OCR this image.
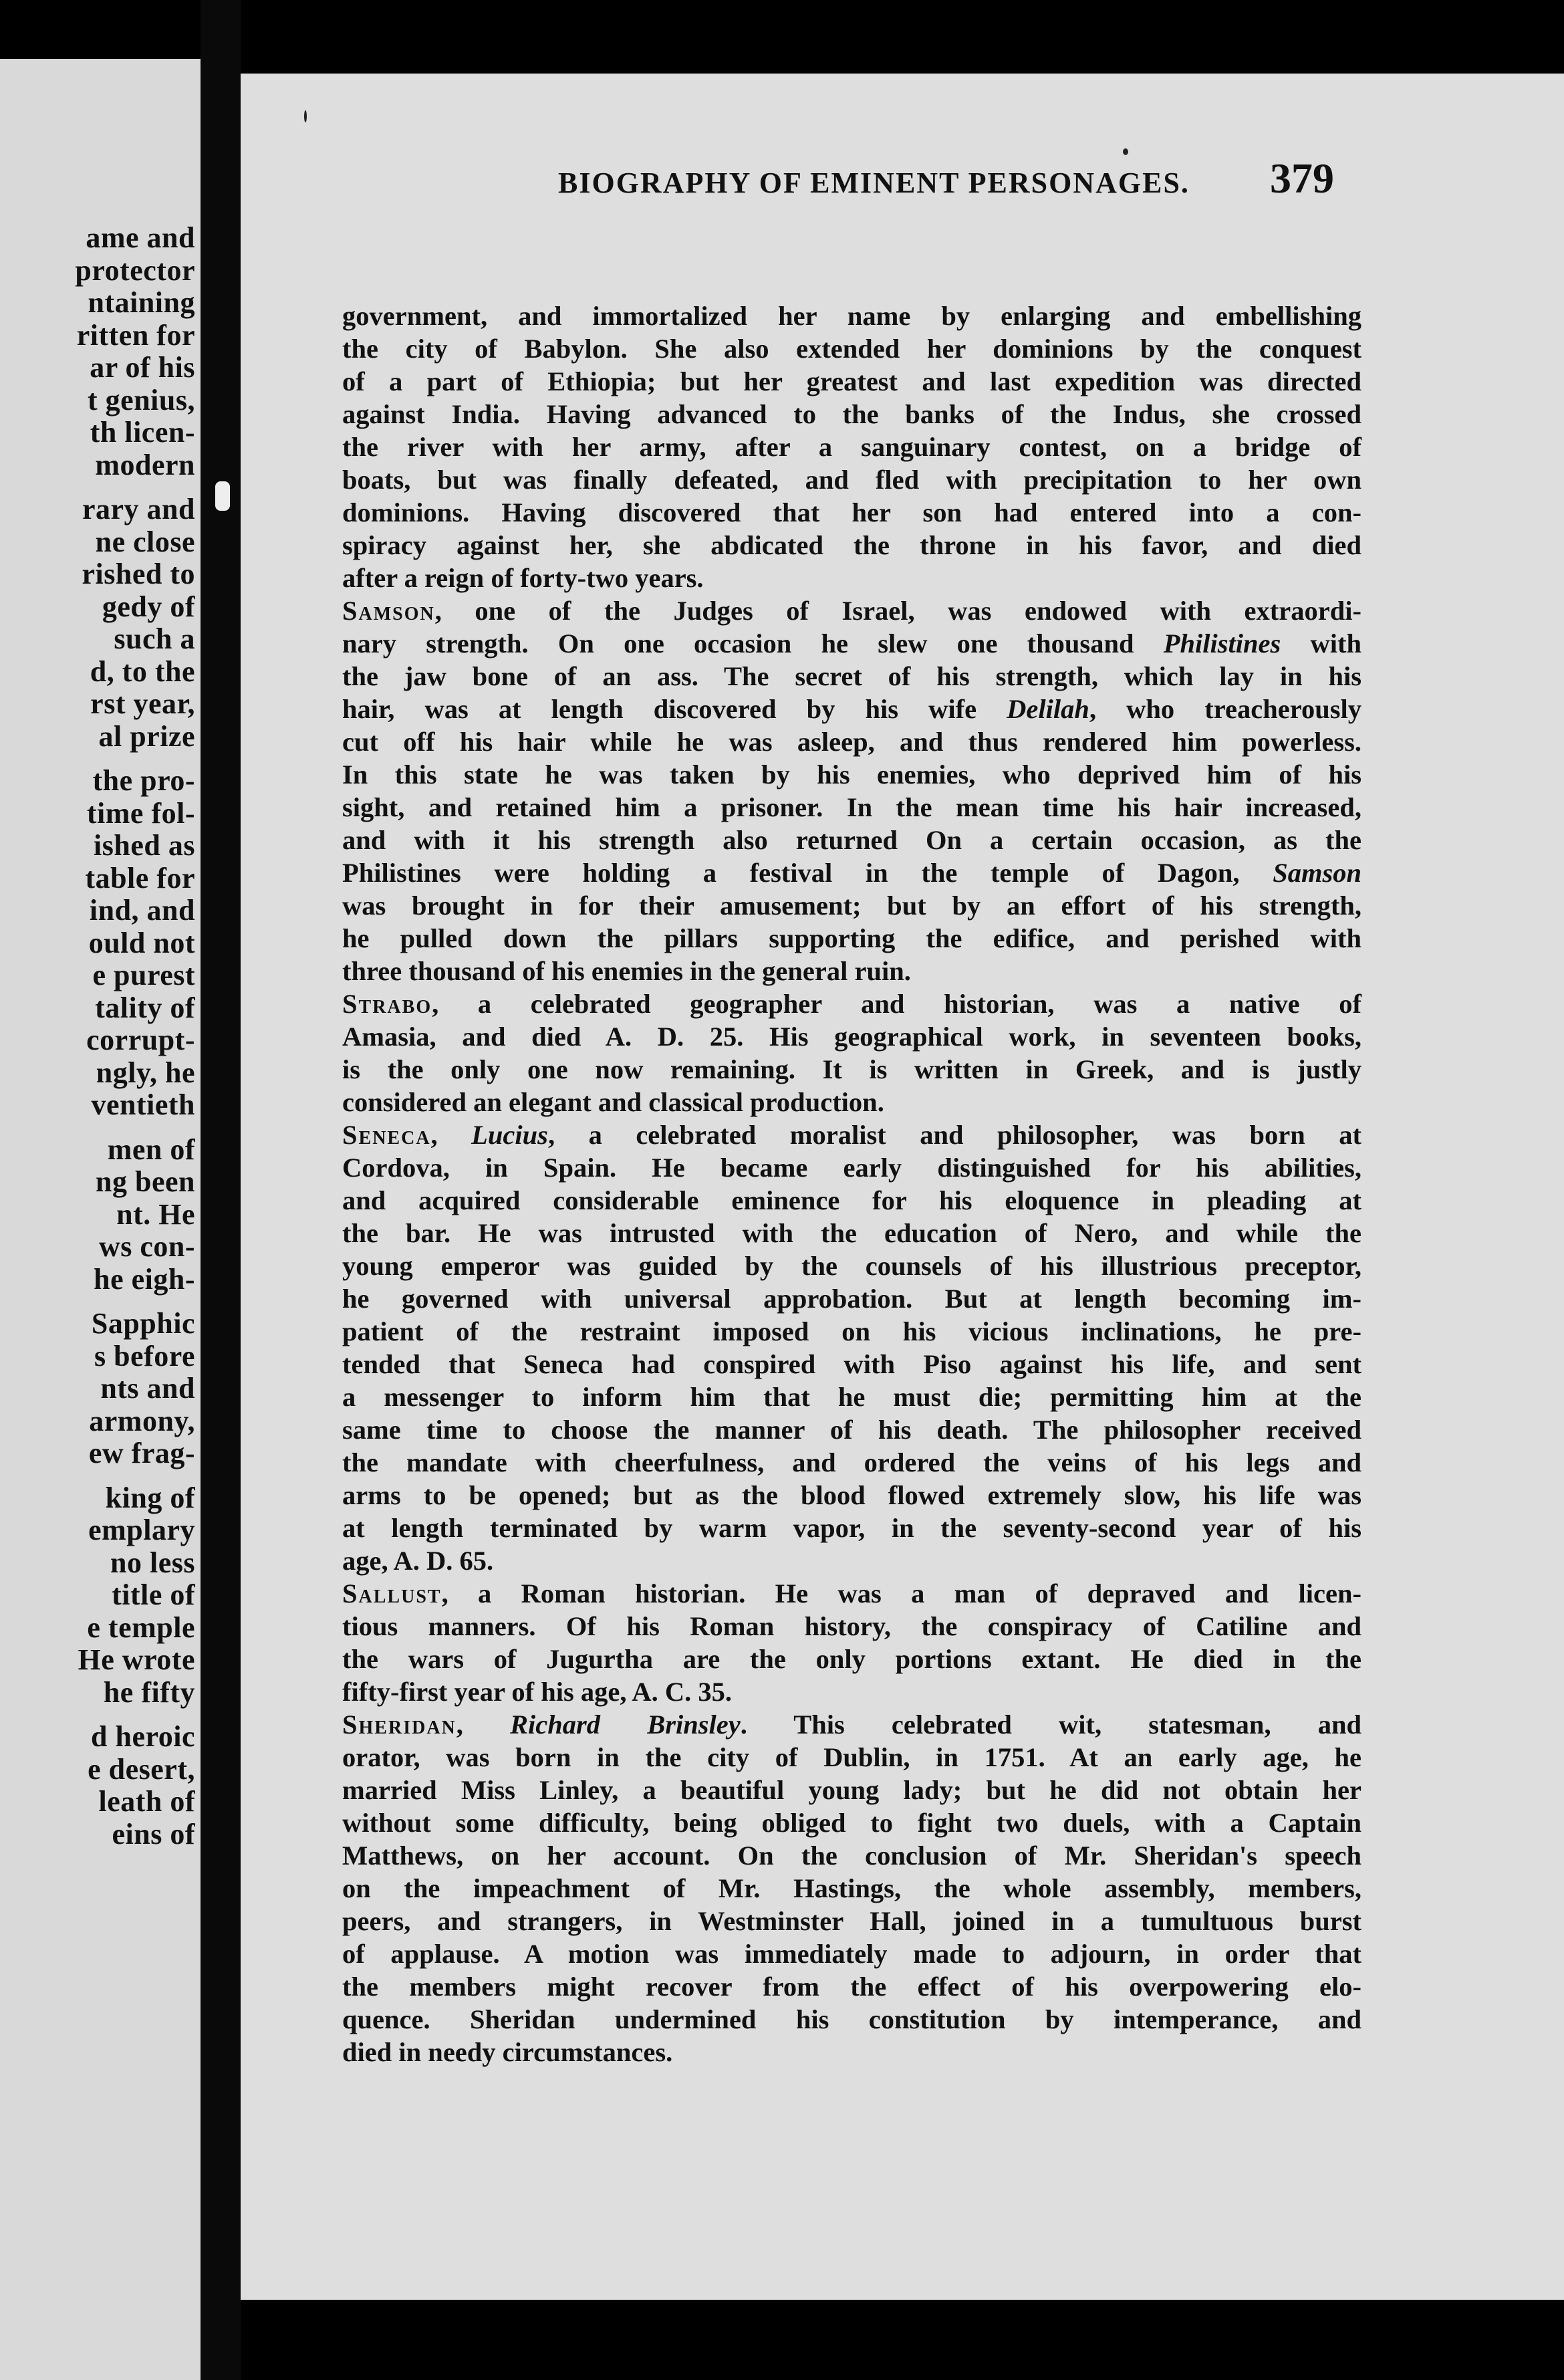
ame and
protector
ntaining
ritten for
ar of his
t genius,
th licen-
modern
rary and
ne close
rished to
gedy of
such a
d, to the
rst year,
al prize
the pro-
time fol-
ished as
table for
ind, and
ould not
e purest
tality of
corrupt-
ngly, he
ventieth
men of
ng been
nt. He
ws con-
he eigh-
Sapphic
s before
nts and
armony,
ew frag-
king of
emplary
no less
title of
e temple
He wrote
he fifty
d heroic
e desert,
leath of
eins of
BIOGRAPHY OF EMINENT PERSONAGES. 379
government, and immortalized her name by enlarging and embellishing
the city of Babylon. She also extended her dominions by the conquest
of a part of Ethiopia; but her greatest and last expedition was directed
against India. Having advanced to the banks of the Indus, she crossed
the river with her army, after a sanguinary contest, on a bridge of
boats, but was finally defeated, and fled with precipitation to her own
dominions. Having discovered that her son had entered into a con-
spiracy against her, she abdicated the throne in his favor, and died
after a reign of forty-two years.
Samson, one of the Judges of Israel, was endowed with extraordi-
nary strength. On one occasion he slew one thousand Philistines with
the jaw bone of an ass. The secret of his strength, which lay in his
hair, was at length discovered by his wife Delilah, who treacherously
cut off his hair while he was asleep, and thus rendered him powerless.
In this state he was taken by his enemies, who deprived him of his
sight, and retained him a prisoner. In the mean time his hair increased,
and with it his strength also returned On a certain occasion, as the
Philistines were holding a festival in the temple of Dagon, Samson
was brought in for their amusement; but by an effort of his strength,
he pulled down the pillars supporting the edifice, and perished with
three thousand of his enemies in the general ruin.
Strabo, a celebrated geographer and historian, was a native of
Amasia, and died A. D. 25. His geographical work, in seventeen books,
is the only one now remaining. It is written in Greek, and is justly
considered an elegant and classical production.
Seneca, Lucius, a celebrated moralist and philosopher, was born at
Cordova, in Spain. He became early distinguished for his abilities,
and acquired considerable eminence for his eloquence in pleading at
the bar. He was intrusted with the education of Nero, and while the
young emperor was guided by the counsels of his illustrious preceptor,
he governed with universal approbation. But at length becoming im-
patient of the restraint imposed on his vicious inclinations, he pre-
tended that Seneca had conspired with Piso against his life, and sent
a messenger to inform him that he must die; permitting him at the
same time to choose the manner of his death. The philosopher received
the mandate with cheerfulness, and ordered the veins of his legs and
arms to be opened; but as the blood flowed extremely slow, his life was
at length terminated by warm vapor, in the seventy-second year of his
age, A. D. 65.
Sallust, a Roman historian. He was a man of depraved and licen-
tious manners. Of his Roman history, the conspiracy of Catiline and
the wars of Jugurtha are the only portions extant. He died in the
fifty-first year of his age, A. C. 35.
Sheridan, Richard Brinsley. This celebrated wit, statesman, and
orator, was born in the city of Dublin, in 1751. At an early age, he
married Miss Linley, a beautiful young lady; but he did not obtain her
without some difficulty, being obliged to fight two duels, with a Captain
Matthews, on her account. On the conclusion of Mr. Sheridan's speech
on the impeachment of Mr. Hastings, the whole assembly, members,
peers, and strangers, in Westminster Hall, joined in a tumultuous burst
of applause. A motion was immediately made to adjourn, in order that
the members might recover from the effect of his overpowering elo-
quence. Sheridan undermined his constitution by intemperance, and
died in needy circumstances.
